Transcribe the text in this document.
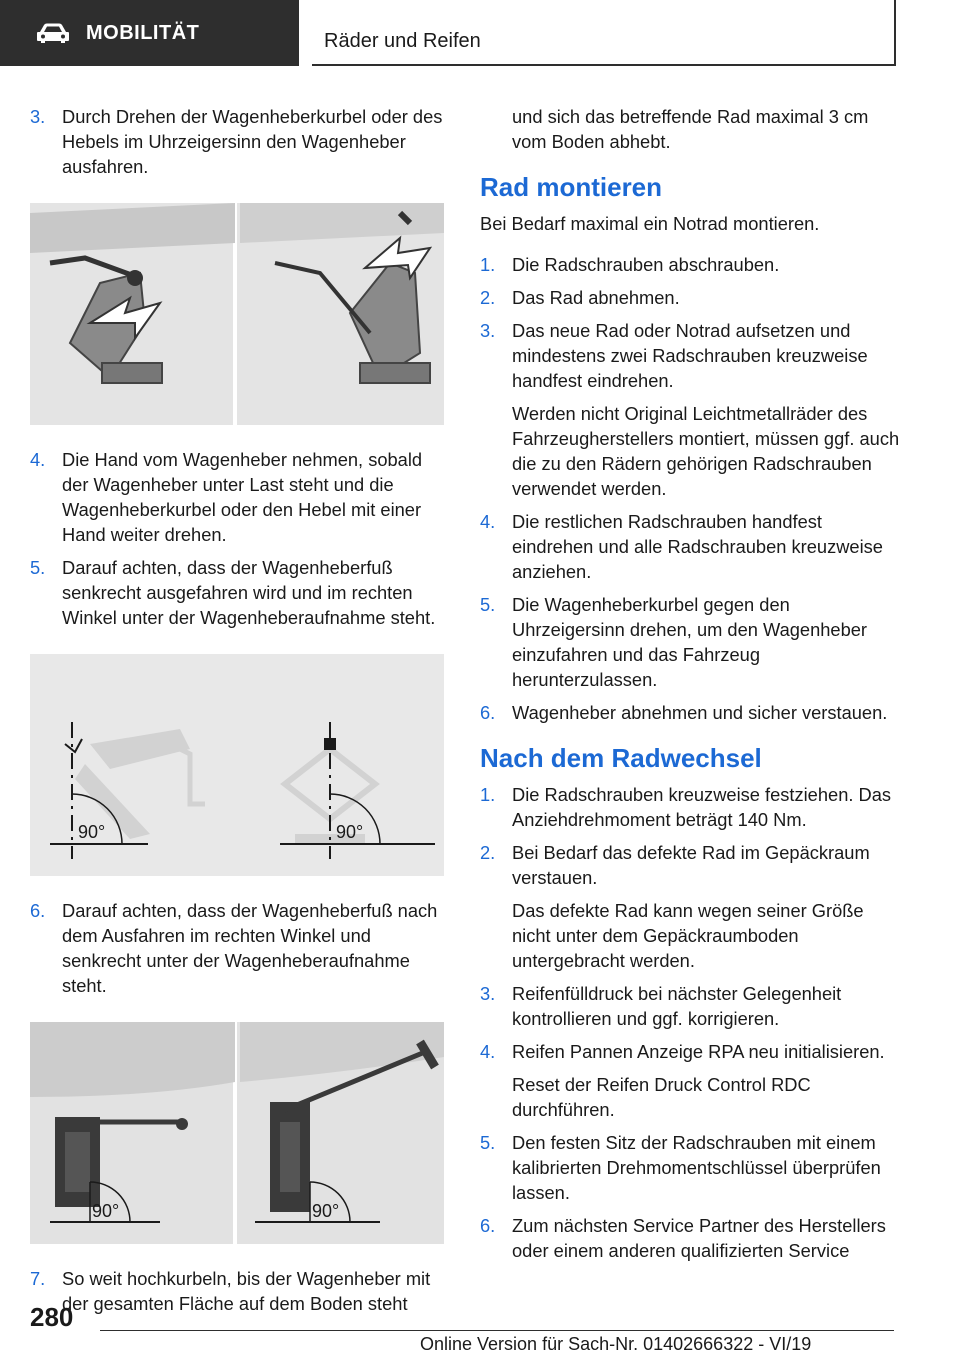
MOBILITÄT	Räder und Reifen
3. Durch Drehen der Wagenheberkurbel oder des Hebels im Uhrzeigersinn den Wagenheber ausfahren.
4. Die Hand vom Wagenheber nehmen, sobald der Wagenheber unter Last steht und die Wagenheberkurbel oder den Hebel mit einer Hand weiter drehen.
5. Darauf achten, dass der Wagenheberfuß senkrecht ausgefahren wird und im rechten Winkel unter der Wagenheberaufnahme steht.
90°	90°
6. Darauf achten, dass der Wagenheberfuß nach dem Ausfahren im rechten Winkel und senkrecht unter der Wagenheberaufnahme steht.
90°	90°
7. So weit hochkurbeln, bis der Wagenheber mit der gesamten Fläche auf dem Boden steht
und sich das betreffende Rad maximal 3 cm vom Boden abhebt.
Rad montieren
Bei Bedarf maximal ein Notrad montieren.
1. Die Radschrauben abschrauben.
2. Das Rad abnehmen.
3. Das neue Rad oder Notrad aufsetzen und mindestens zwei Radschrauben kreuzweise handfest eindrehen.
Werden nicht Original Leichtmetallräder des Fahrzeugherstellers montiert, müssen ggf. auch die zu den Rädern gehörigen Radschrauben verwendet werden.
4. Die restlichen Radschrauben handfest eindrehen und alle Radschrauben kreuzweise anziehen.
5. Die Wagenheberkurbel gegen den Uhrzeigersinn drehen, um den Wagenheber einzufahren und das Fahrzeug herunterzulassen.
6. Wagenheber abnehmen und sicher verstauen.
Nach dem Radwechsel
1. Die Radschrauben kreuzweise festziehen. Das Anziehdrehmoment beträgt 140 Nm.
2. Bei Bedarf das defekte Rad im Gepäckraum verstauen.
Das defekte Rad kann wegen seiner Größe nicht unter dem Gepäckraumboden untergebracht werden.
3. Reifenfülldruck bei nächster Gelegenheit kontrollieren und ggf. korrigieren.
4. Reifen Pannen Anzeige RPA neu initialisieren.
Reset der Reifen Druck Control RDC durchführen.
5. Den festen Sitz der Radschrauben mit einem kalibrierten Drehmomentschlüssel überprüfen lassen.
6. Zum nächsten Service Partner des Herstellers oder einem anderen qualifizierten Service
280
Online Version für Sach-Nr. 01402666322 - VI/19
